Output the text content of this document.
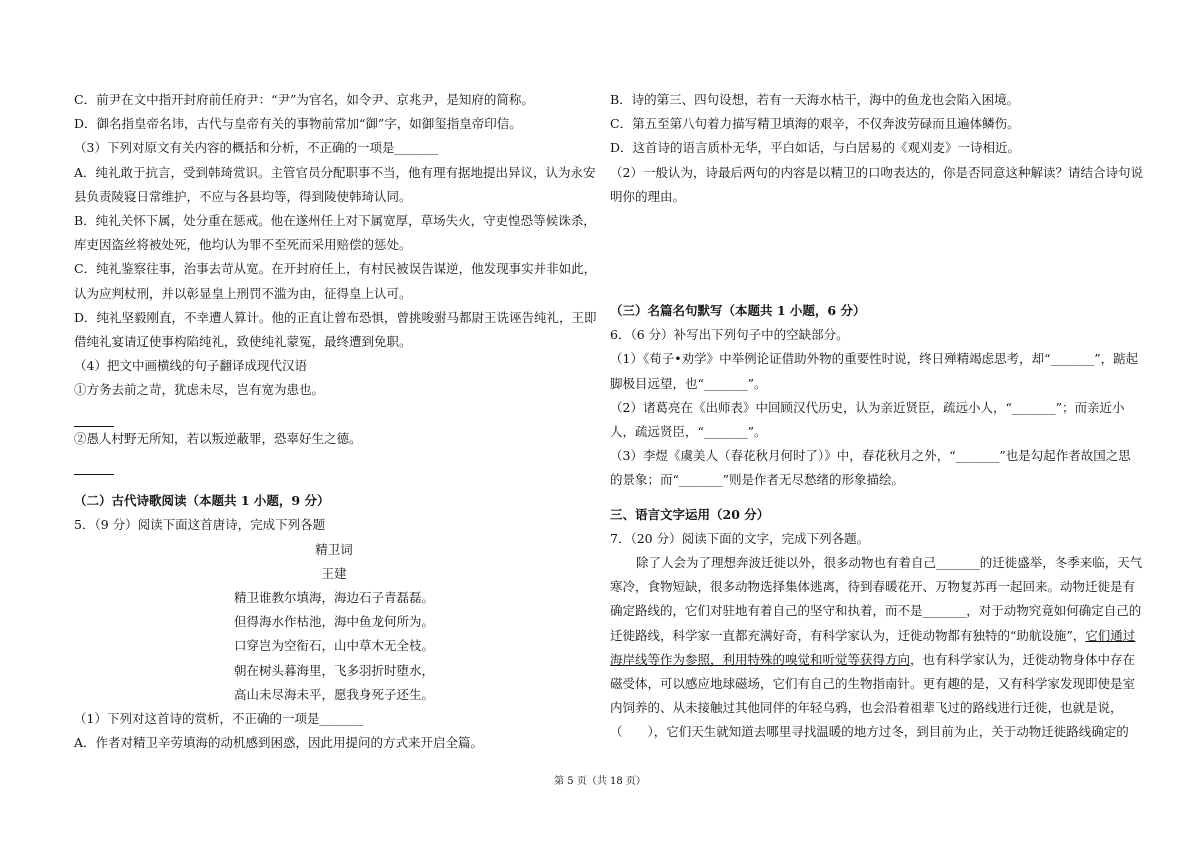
C．前尹在文中指开封府前任府尹：“尹”为官名，如令尹、京兆尹，是知府的简称。
D．御名指皇帝名讳，古代与皇帝有关的事物前常加“御”字，如御玺指皇帝印信。
（3）下列对原文有关内容的概括和分析，不正确的一项是_______
A．纯礼敢于抗言，受到韩琦赏识。主管官员分配职事不当，他有理有据地提出异议，认为永安
县负责陵寝日常维护，不应与各县均等，得到陵使韩琦认同。
B．纯礼关怀下属，处分重在惩戒。他在遂州任上对下属宽厚，草场失火，守吏惶恐等候诛杀，
库吏因盗丝将被处死，他均认为罪不至死而采用赔偿的惩处。
C．纯礼鉴察往事，治事去苛从宽。在开封府任上，有村民被误告谋逆，他发现事实并非如此，
认为应判杖刑，并以彰显皇上刑罚不滥为由，征得皇上认可。
D．纯礼坚毅刚直，不幸遭人算计。他的正直让曾布恐惧，曾挑唆驸马都尉王诜诬告纯礼，王即
借纯礼宴请辽使事构陷纯礼，致使纯礼蒙冤，最终遭到免职。
（4）把文中画横线的句子翻译成现代汉语
①方务去前之苛，犹虑未尽，岂有宽为患也。
②愚人村野无所知，若以叛逆蔽罪，恐辜好生之德。
（二）古代诗歌阅读（本题共 1 小题，9 分）
5．（9 分）阅读下面这首唐诗，完成下列各题
精卫词
王建
精卫谁教尔填海，海边石子青磊磊。
但得海水作枯池，海中鱼龙何所为。
口穿岂为空衔石，山中草木无全枝。
朝在树头暮海里，飞多羽折时堕水，
高山未尽海未平，愿我身死子还生。
（1）下列对这首诗的赏析，不正确的一项是_______
A．作者对精卫辛劳填海的动机感到困惑，因此用提问的方式来开启全篇。
B．诗的第三、四句设想，若有一天海水枯干，海中的鱼龙也会陷入困境。
C．第五至第八句着力描写精卫填海的艰辛，不仅奔波劳碌而且遍体鳞伤。
D．这首诗的语言质朴无华，平白如话，与白居易的《观刈麦》一诗相近。
（2）一般认为，诗最后两句的内容是以精卫的口吻表达的，你是否同意这种解读？请结合诗句说
明你的理由。
（三）名篇名句默写（本题共 1 小题，6 分）
6．（6 分）补写出下列句子中的空缺部分。
（1）《荀子•劝学》中举例论证借助外物的重要性时说，终日殚精竭虑思考，却“_______”，踮起
脚极目远望，也“_______”。
（2）诸葛亮在《出师表》中回顾汉代历史，认为亲近贤臣，疏远小人，“_______”；而亲近小
人，疏远贤臣，“_______”。
（3）李煜《虞美人（春花秋月何时了）》中，春花秋月之外，“_______”也是勾起作者故国之思
的景象；而“_______”则是作者无尽愁绪的形象描绘。
三、语言文字运用（20 分）
7．（20 分）阅读下面的文字，完成下列各题。
除了人会为了理想奔波迁徙以外，很多动物也有着自己_______的迁徙盛举，冬季来临，天气
寒冷，食物短缺，很多动物选择集体逃离，待到春暖花开、万物复苏再一起回来。动物迁徙是有
确定路线的，它们对驻地有着自己的坚守和执着，而不是_______，对于动物究竟如何确定自己的
迁徙路线，科学家一直都充满好奇，有科学家认为，迁徙动物都有独特的“助航设施”，它们通过
海岸线等作为参照，利用特殊的嗅觉和听觉等获得方向，也有科学家认为，迁徙动物身体中存在
磁受体，可以感应地球磁场，它们有自己的生物指南针。更有趣的是，又有科学家发现即使是室
内饲养的、从未接触过其他同伴的年轻乌鸦，也会沿着祖辈飞过的路线进行迁徙，也就是说，
（　　），它们天生就知道去哪里寻找温暖的地方过冬，到目前为止，关于动物迁徙路线确定的
第 5 页（共 18 页）
